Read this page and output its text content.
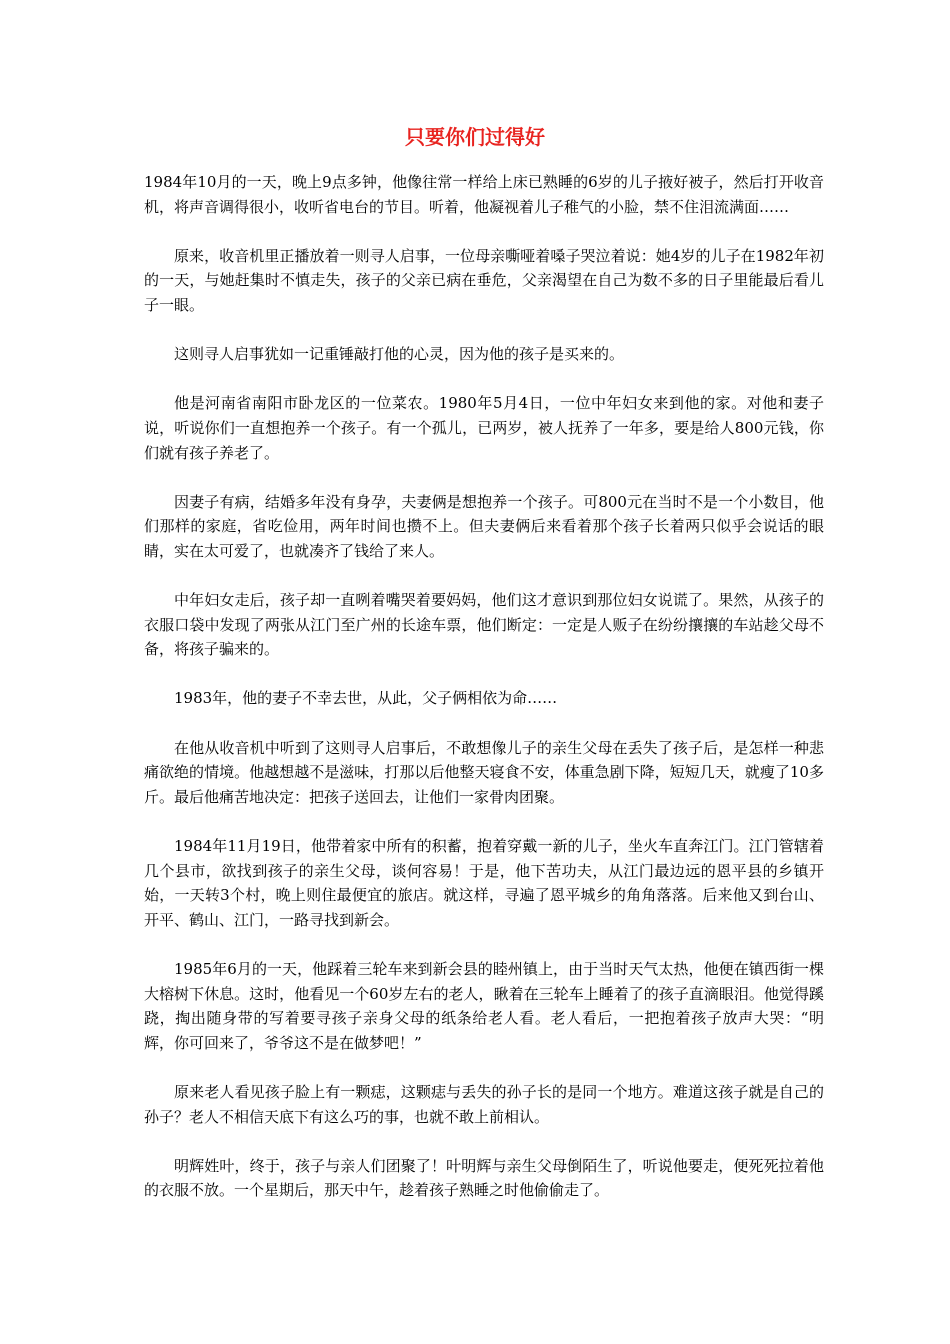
只要你们过得好

1984年10月的一天，晚上9点多钟，他像往常一样给上床已熟睡的6岁的儿子掖好被子，然后打开收音机，将声音调得很小，收听省电台的节目。听着，他凝视着儿子稚气的小脸，禁不住泪流满面……

原来，收音机里正播放着一则寻人启事，一位母亲嘶哑着嗓子哭泣着说：她4岁的儿子在1982年初的一天，与她赶集时不慎走失，孩子的父亲已病在垂危，父亲渴望在自己为数不多的日子里能最后看儿子一眼。

这则寻人启事犹如一记重锤敲打他的心灵，因为他的孩子是买来的。

他是河南省南阳市卧龙区的一位菜农。1980年5月4日，一位中年妇女来到他的家。对他和妻子说，听说你们一直想抱养一个孩子。有一个孤儿，已两岁，被人抚养了一年多，要是给人800元钱，你们就有孩子养老了。

因妻子有病，结婚多年没有身孕，夫妻俩是想抱养一个孩子。可800元在当时不是一个小数目，他们那样的家庭，省吃俭用，两年时间也攒不上。但夫妻俩后来看着那个孩子长着两只似乎会说话的眼睛，实在太可爱了，也就凑齐了钱给了来人。

中年妇女走后，孩子却一直咧着嘴哭着要妈妈，他们这才意识到那位妇女说谎了。果然，从孩子的衣服口袋中发现了两张从江门至广州的长途车票，他们断定：一定是人贩子在纷纷攘攘的车站趁父母不备，将孩子骗来的。

1983年，他的妻子不幸去世，从此，父子俩相依为命……

在他从收音机中听到了这则寻人启事后，不敢想像儿子的亲生父母在丢失了孩子后，是怎样一种悲痛欲绝的情境。他越想越不是滋味，打那以后他整天寝食不安，体重急剧下降，短短几天，就瘦了10多斤。最后他痛苦地决定：把孩子送回去，让他们一家骨肉团聚。

1984年11月19日，他带着家中所有的积蓄，抱着穿戴一新的儿子，坐火车直奔江门。江门管辖着几个县市，欲找到孩子的亲生父母，谈何容易！于是，他下苦功夫，从江门最边远的恩平县的乡镇开始，一天转3个村，晚上则住最便宜的旅店。就这样，寻遍了恩平城乡的角角落落。后来他又到台山、开平、鹤山、江门，一路寻找到新会。

1985年6月的一天，他踩着三轮车来到新会县的睦州镇上，由于当时天气太热，他便在镇西街一棵大榕树下休息。这时，他看见一个60岁左右的老人，瞅着在三轮车上睡着了的孩子直滴眼泪。他觉得蹊跷，掏出随身带的写着要寻孩子亲身父母的纸条给老人看。老人看后，一把抱着孩子放声大哭：“明辉，你可回来了，爷爷这不是在做梦吧！”

原来老人看见孩子脸上有一颗痣，这颗痣与丢失的孙子长的是同一个地方。难道这孩子就是自己的孙子？老人不相信天底下有这么巧的事，也就不敢上前相认。

明辉姓叶，终于，孩子与亲人们团聚了！叶明辉与亲生父母倒陌生了，听说他要走，便死死拉着他的衣服不放。一个星期后，那天中午，趁着孩子熟睡之时他偷偷走了。
